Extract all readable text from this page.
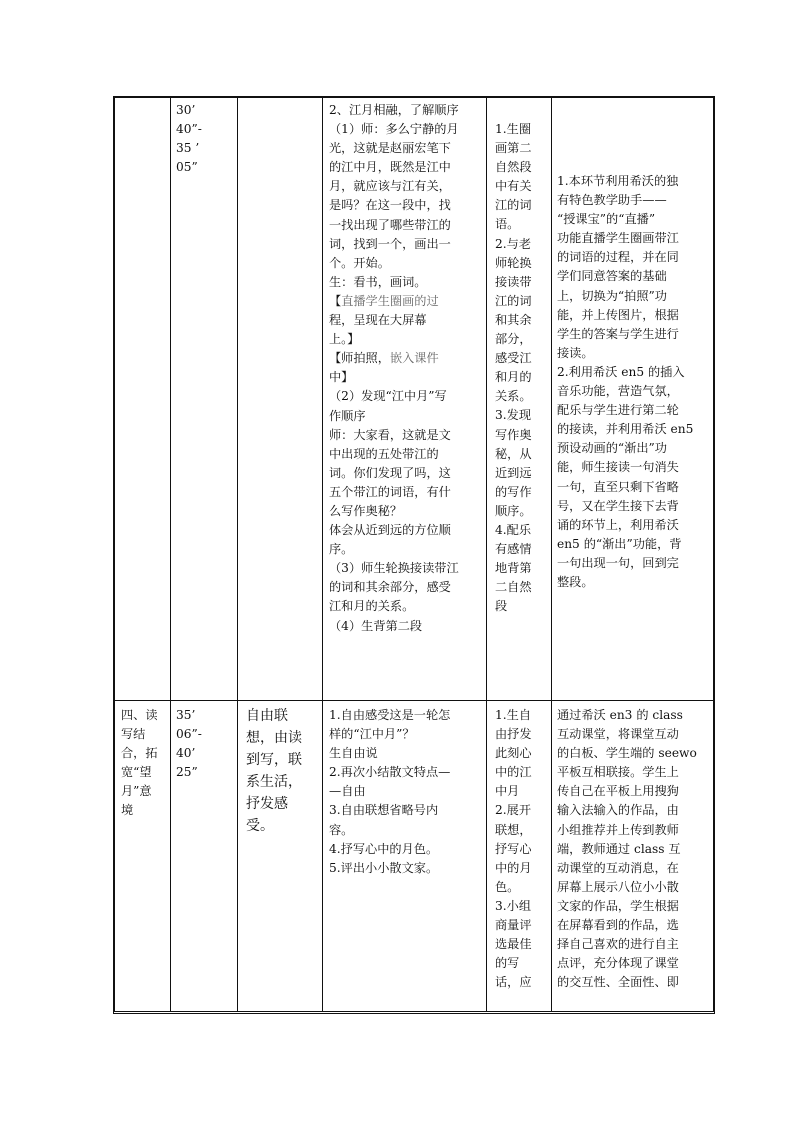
30’
40”-
35 ’
05”
2、江月相融，了解顺序
（1）师：多么宁静的月
光，这就是赵丽宏笔下
的江中月，既然是江中
月，就应该与江有关，
是吗？在这一段中，找
一找出现了哪些带江的
词，找到一个，画出一
个。开始。
生：看书，画词。
【直播学生圈画的过
程，呈现在大屏幕
上。】
【师拍照，嵌入课件
中】
（2）发现“江中月”写
作顺序
师：大家看，这就是文
中出现的五处带江的
词。你们发现了吗，这
五个带江的词语，有什
么写作奥秘？
体会从近到远的方位顺
序。
（3）师生轮换接读带江
的词和其余部分，感受
江和月的关系。
（4）生背第二段
1.生圈
画第二
自然段
中有关
江的词
语。
2.与老
师轮换
接读带
江的词
和其余
部分，
感受江
和月的
关系。
3.发现
写作奥
秘，从
近到远
的写作
顺序。
4.配乐
有感情
地背第
二自然
段
1.本环节利用希沃的独
有特色教学助手——
“授课宝”的“直播”
功能直播学生圈画带江
的词语的过程，并在同
学们同意答案的基础
上，切换为“拍照”功
能，并上传图片，根据
学生的答案与学生进行
接读。
2.利用希沃 en5 的插入
音乐功能，营造气氛，
配乐与学生进行第二轮
的接读，并利用希沃 en5
预设动画的“渐出”功
能，师生接读一句消失
一句，直至只剩下省略
号，又在学生接下去背
诵的环节上，利用希沃
en5 的“渐出”功能，背
一句出现一句，回到完
整段。
四、读
写结
合，拓
宽“望
月”意
境
35’
06”-
40’
25”
自由联
想，由读
到写，联
系生活，
抒发感
受。
1.自由感受这是一轮怎
样的“江中月”？
生自由说
2.再次小结散文特点—
—自由
3.自由联想省略号内
容。
4.抒写心中的月色。
5.评出小小散文家。
1.生自
由抒发
此刻心
中的江
中月
2.展开
联想，
抒写心
中的月
色。
3.小组
商量评
选最佳
的写
话，应
通过希沃 en3 的 class
互动课堂，将课堂互动
的白板、学生端的 seewo
平板互相联接。学生上
传自己在平板上用搜狗
输入法输入的作品，由
小组推荐并上传到教师
端，教师通过 class 互
动课堂的互动消息，在
屏幕上展示八位小小散
文家的作品，学生根据
在屏幕看到的作品，选
择自己喜欢的进行自主
点评，充分体现了课堂
的交互性、全面性、即
